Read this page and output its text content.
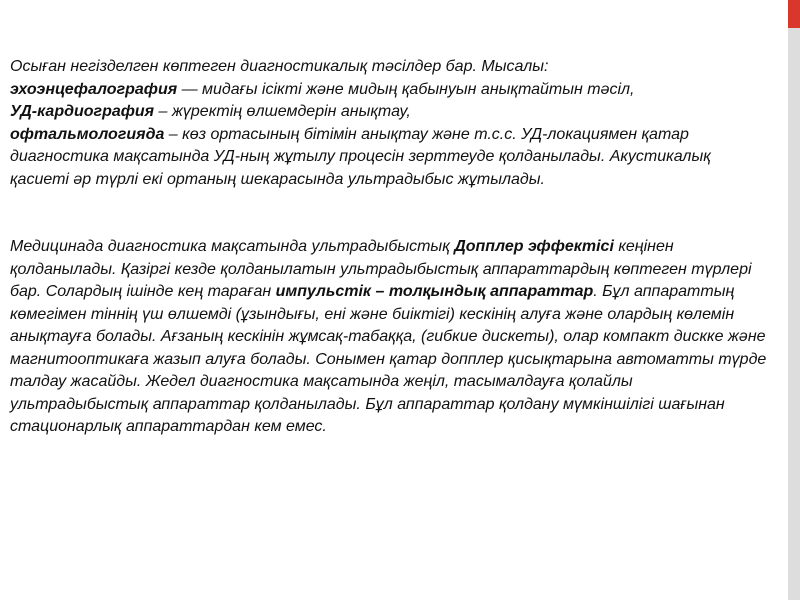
Осыған негізделген көптеген диагностикалық тәсілдер бар. Мысалы:
эхоэнцефалография — мидағы ісікті және мидың қабынуын анықтайтын тәсіл,
УД-кардиография – жүректің өлшемдерін анықтау,
офтальмологияда – көз ортасының бітімін анықтау және т.с.с. УД-локациямен қатар диагностика мақсатында УД-ның жұтылу процесін зерттеуде қолданылады. Акустикалық қасиеті әр түрлі екі ортаның шекарасында ультрадыбыс жұтылады.

Медицинада диагностика мақсатында ультрадыбыстық Допплер эффектісі кеңінен қолданылады. Қазіргі кезде қолданылатын ультрадыбыстық аппараттардың көптеген түрлері бар. Солардың ішінде кең тараған импульстік – толқындық аппараттар. Бұл аппараттың көмегімен тіннің үш өлшемді (ұзындығы, ені және биіктігі) кескінің алуға және олардың көлемін анықтауға болады. Ағзаның кескінін жұмсақ-табаққа, (гибкие дискеты), олар компакт дискке және магнитооптикаға жазып алуға болады. Сонымен қатар допплер қисықтарына автоматты түрде талдау жасайды. Жедел диагностика мақсатында жеңіл, тасымалдауға қолайлы ультрадыбыстық аппараттар қолданылады. Бұл аппараттар қолдану мүмкіншілігі шағынан стационарлық аппараттардан кем емес.
